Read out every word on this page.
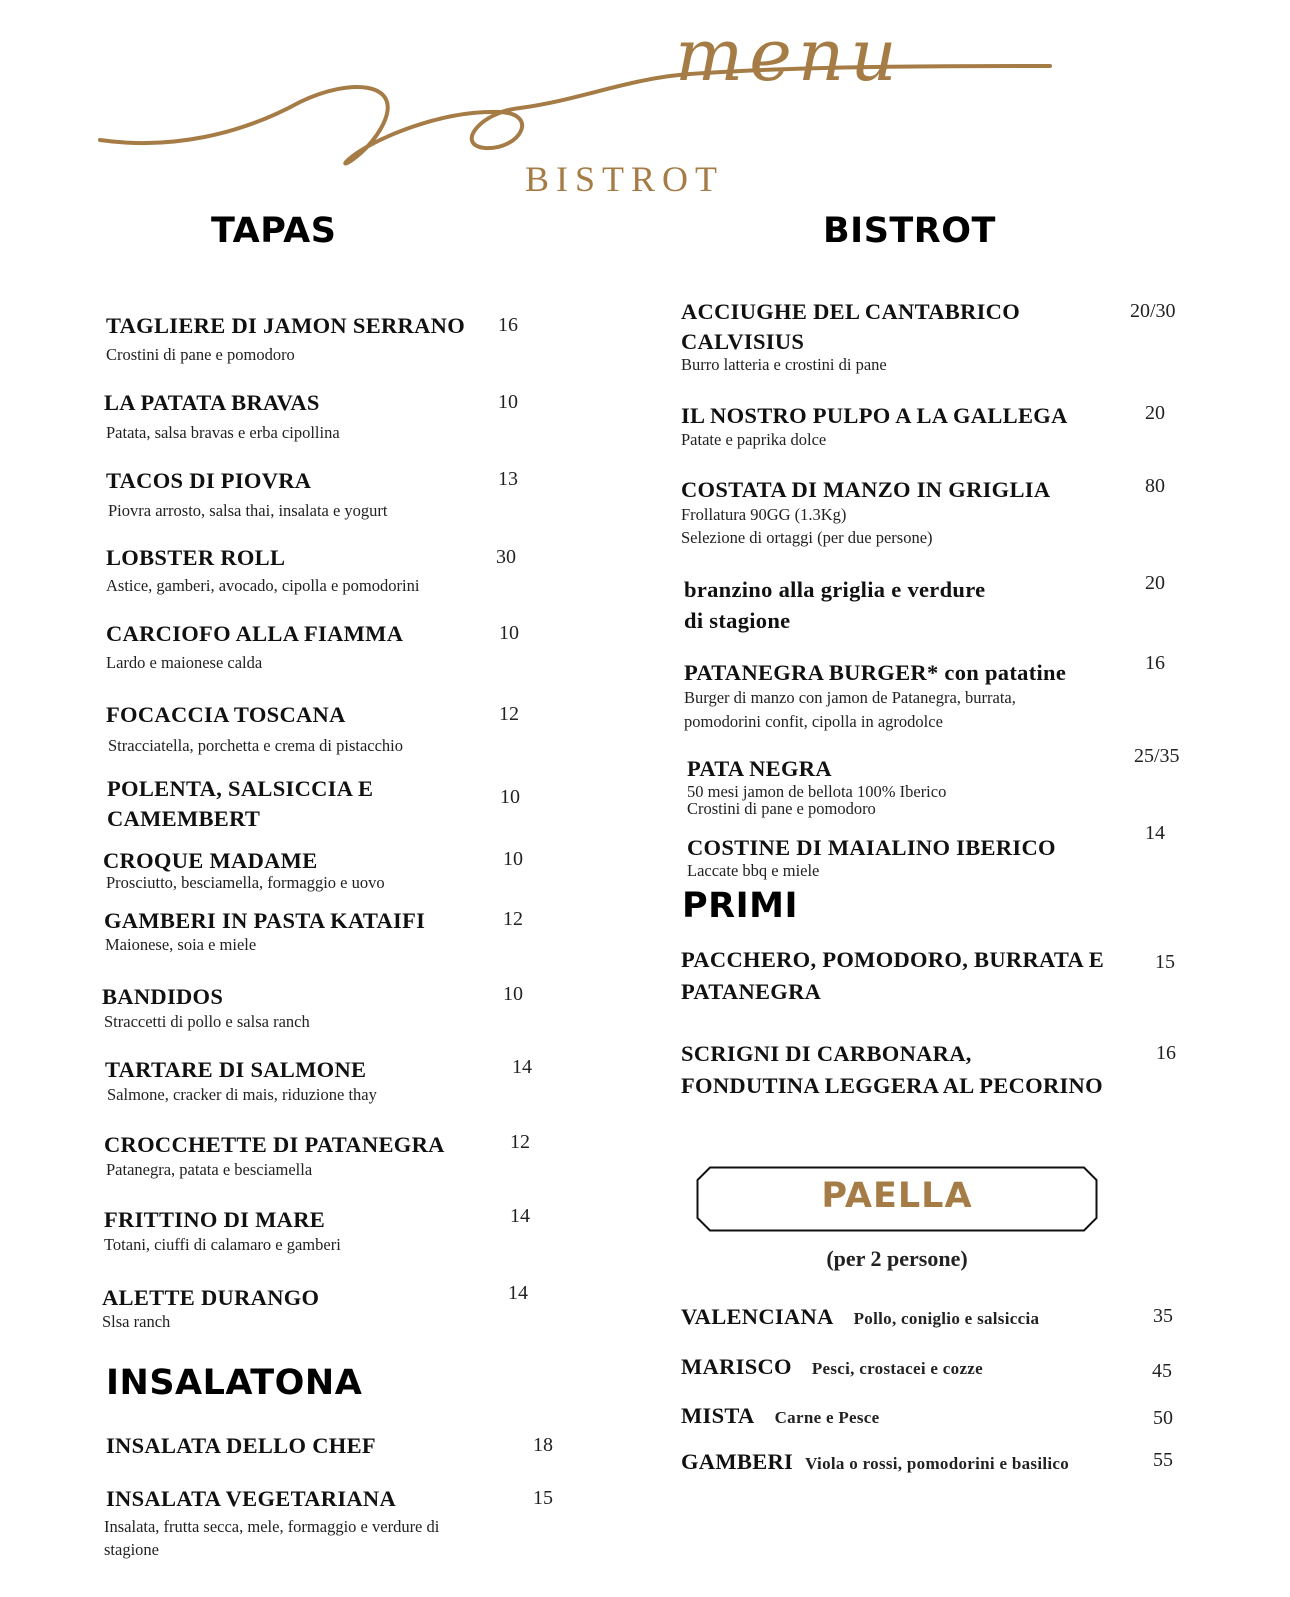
menu
BISTROT
TAPAS	BISTROT
TAGLIERE DI JAMON SERRANO 16
Crostini di pane e pomodoro
LA PATATA BRAVAS	10
Patata, salsa bravas e erba cipollina
TACOS DI PIOVRA	13
Piovra arrosto, salsa thai, insalata e yogurt
LOBSTER ROLL	30
Astice, gamberi, avocado, cipolla e pomodorini
CARCIOFO ALLA FIAMMA	10
Lardo e maionese calda
FOCACCIA TOSCANA	12
Stracciatella, porchetta e crema di pistacchio
POLENTA, SALSICCIA E
CAMEMBERT
10
CROQUE MADAME	10
Prosciutto, besciamella, formaggio e uovo
GAMBERI IN PASTA KATAIFI	12
Maionese, soia e miele
BANDIDOS	10
Straccetti di pollo e salsa ranch
TARTARE DI SALMONE	14
Salmone, cracker di mais, riduzione thay
CROCCHETTE DI PATANEGRA	12
Patanegra, patata e besciamella
FRITTINO DI MARE	14
Totani, ciuffi di calamaro e gamberi
ALETTE DURANGO	14
Slsa ranch
INSALATONA
INSALATA DELLO CHEF	18
INSALATA VEGETARIANA	15
Insalata, frutta secca, mele, formaggio e verdure di
stagione
ACCIUGHE DEL CANTABRICO
CALVISIUS
20/30
Burro latteria e crostini di pane
IL NOSTRO PULPO A LA GALLEGA	20
Patate e paprika dolce
COSTATA DI MANZO IN GRIGLIA	80
Frollatura 90GG (1.3Kg)
Selezione di ortaggi (per due persone)
branzino alla griglia e verdure
di stagione
20
PATANEGRA BURGER* con patatine	16
Burger di manzo con jamon de Patanegra, burrata,
pomodorini confit, cipolla in agrodolce
PATA NEGRA	25/35
50 mesi jamon de bellota 100% Iberico
Crostini di pane e pomodoro
COSTINE DI MAIALINO IBERICO
14
Laccate bbq e miele
PRIMI
PACCHERO, POMODORO, BURRATA E
PATANEGRA
15
SCRIGNI DI CARBONARA,
FONDUTINA LEGGERA AL PECORINO
16
PAELLA
(per 2 persone)
VALENCIANA Pollo, coniglio e salsiccia	35
MARISCO Pesci, crostacei e cozze	45
MISTA Carne e Pesce	50
GAMBERI Viola o rossi, pomodorini e basilico	55
